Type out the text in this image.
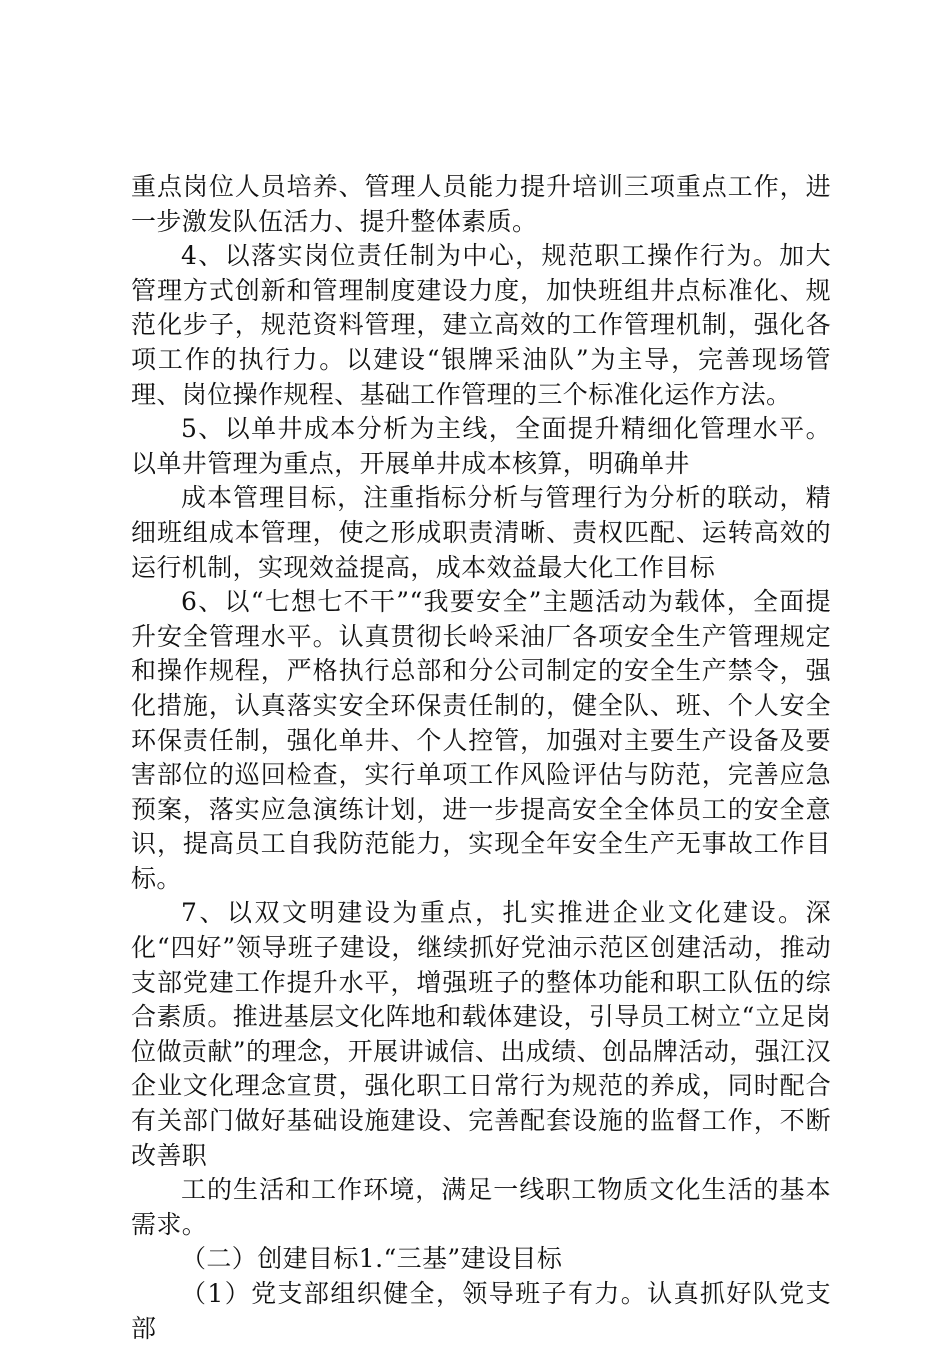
重点岗位人员培养、管理人员能力提升培训三项重点工作，进一步激发队伍活力、提升整体素质。

4、以落实岗位责任制为中心，规范职工操作行为。加大管理方式创新和管理制度建设力度，加快班组井点标准化、规范化步子，规范资料管理，建立高效的工作管理机制，强化各项工作的执行力。以建设“银牌采油队”为主导，完善现场管理、岗位操作规程、基础工作管理的三个标准化运作方法。

5、以单井成本分析为主线，全面提升精细化管理水平。以单井管理为重点，开展单井成本核算，明确单井

成本管理目标，注重指标分析与管理行为分析的联动，精细班组成本管理，使之形成职责清晰、责权匹配、运转高效的运行机制，实现效益提高，成本效益最大化工作目标

6、以“七想七不干”“我要安全”主题活动为载体，全面提升安全管理水平。认真贯彻长岭采油厂各项安全生产管理规定和操作规程，严格执行总部和分公司制定的安全生产禁令，强化措施，认真落实安全环保责任制的，健全队、班、个人安全环保责任制，强化单井、个人控管，加强对主要生产设备及要害部位的巡回检查，实行单项工作风险评估与防范，完善应急预案，落实应急演练计划，进一步提高安全全体员工的安全意识，提高员工自我防范能力，实现全年安全生产无事故工作目标。

7、以双文明建设为重点，扎实推进企业文化建设。深化“四好”领导班子建设，继续抓好党油示范区创建活动，推动支部党建工作提升水平，增强班子的整体功能和职工队伍的综合素质。推进基层文化阵地和载体建设，引导员工树立“立足岗位做贡献”的理念，开展讲诚信、出成绩、创品牌活动，强江汉企业文化理念宣贯，强化职工日常行为规范的养成，同时配合有关部门做好基础设施建设、完善配套设施的监督工作，不断改善职

工的生活和工作环境，满足一线职工物质文化生活的基本需求。

（二）创建目标1.“三基”建设目标

（1）党支部组织健全，领导班子有力。认真抓好队党支部
